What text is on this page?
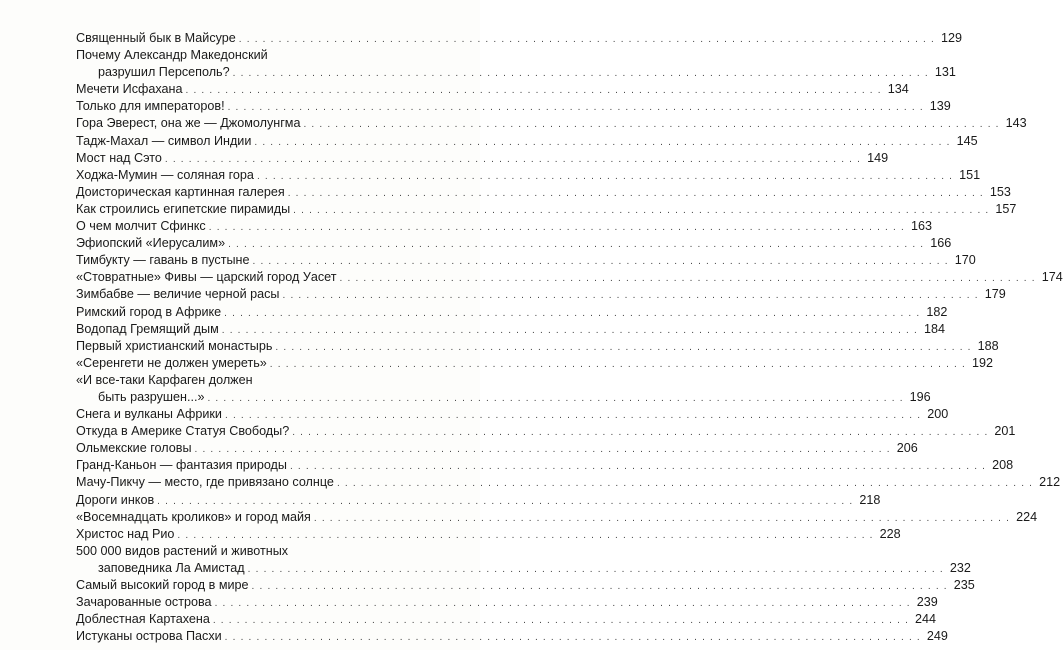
Священный бык в Майсуре . . . . . . . . . . . . . . . . . . . . . . . . . . . . . . . . . . . . . . . . . . . . . . . . . . . . . . . . . . . . . . . . . . . . . . . . . . . . . . . . . . . . . . . . 129
Почему Александр Македонский
разрушил Персеполь? . . . . . . . . . . . . . . . . . . . . . . . . . . . . . . . . . . . . . . . . . . . . . . . . . . . . . . . . . . . . . . . . . . . . . . . . . . . . . . . . . . . . . . . . 131
Мечети Исфахана . . . . . . . . . . . . . . . . . . . . . . . . . . . . . . . . . . . . . . . . . . . . . . . . . . . . . . . . . . . . . . . . . . . . . . . . . . . . . . . . . . . . . . . . 134
Только для императоров! . . . . . . . . . . . . . . . . . . . . . . . . . . . . . . . . . . . . . . . . . . . . . . . . . . . . . . . . . . . . . . . . . . . . . . . . . . . . . . . . . . . . . . . . 139
Гора Эверест, она же — Джомолунгма . . . . . . . . . . . . . . . . . . . . . . . . . . . . . . . . . . . . . . . . . . . . . . . . . . . . . . . . . . . . . . . . . . . . . . . . . . . . . . . . . . . . . . . . 143
Тадж-Махал — символ Индии . . . . . . . . . . . . . . . . . . . . . . . . . . . . . . . . . . . . . . . . . . . . . . . . . . . . . . . . . . . . . . . . . . . . . . . . . . . . . . . . . . . . . . . . 145
Мост над Сэто . . . . . . . . . . . . . . . . . . . . . . . . . . . . . . . . . . . . . . . . . . . . . . . . . . . . . . . . . . . . . . . . . . . . . . . . . . . . . . . . . . . . . . . . 149
Ходжа-Мумин — соляная гора . . . . . . . . . . . . . . . . . . . . . . . . . . . . . . . . . . . . . . . . . . . . . . . . . . . . . . . . . . . . . . . . . . . . . . . . . . . . . . . . . . . . . . . . 151
Доисторическая картинная галерея . . . . . . . . . . . . . . . . . . . . . . . . . . . . . . . . . . . . . . . . . . . . . . . . . . . . . . . . . . . . . . . . . . . . . . . . . . . . . . . . . . . . . . . . 153
Как строились египетские пирамиды . . . . . . . . . . . . . . . . . . . . . . . . . . . . . . . . . . . . . . . . . . . . . . . . . . . . . . . . . . . . . . . . . . . . . . . . . . . . . . . . . . . . . . . . 157
О чем молчит Сфинкс . . . . . . . . . . . . . . . . . . . . . . . . . . . . . . . . . . . . . . . . . . . . . . . . . . . . . . . . . . . . . . . . . . . . . . . . . . . . . . . . . . . . . . . . 163
Эфиопский «Иерусалим» . . . . . . . . . . . . . . . . . . . . . . . . . . . . . . . . . . . . . . . . . . . . . . . . . . . . . . . . . . . . . . . . . . . . . . . . . . . . . . . . . . . . . . . . 166
Тимбукту — гавань в пустыне . . . . . . . . . . . . . . . . . . . . . . . . . . . . . . . . . . . . . . . . . . . . . . . . . . . . . . . . . . . . . . . . . . . . . . . . . . . . . . . . . . . . . . . . 170
«Стовратные» Фивы — царский город Уасет . . . . . . . . . . . . . . . . . . . . . . . . . . . . . . . . . . . . . . . . . . . . . . . . . . . . . . . . . . . . . . . . . . . . . . . . . . . . . . . . . . . . . . . . 174
Зимбабве — величие черной расы . . . . . . . . . . . . . . . . . . . . . . . . . . . . . . . . . . . . . . . . . . . . . . . . . . . . . . . . . . . . . . . . . . . . . . . . . . . . . . . . . . . . . . . . 179
Римский город в Африке . . . . . . . . . . . . . . . . . . . . . . . . . . . . . . . . . . . . . . . . . . . . . . . . . . . . . . . . . . . . . . . . . . . . . . . . . . . . . . . . . . . . . . . . 182
Водопад Гремящий дым . . . . . . . . . . . . . . . . . . . . . . . . . . . . . . . . . . . . . . . . . . . . . . . . . . . . . . . . . . . . . . . . . . . . . . . . . . . . . . . . . . . . . . . . 184
Первый христианский монастырь . . . . . . . . . . . . . . . . . . . . . . . . . . . . . . . . . . . . . . . . . . . . . . . . . . . . . . . . . . . . . . . . . . . . . . . . . . . . . . . . . . . . . . . . 188
«Серенгети не должен умереть» . . . . . . . . . . . . . . . . . . . . . . . . . . . . . . . . . . . . . . . . . . . . . . . . . . . . . . . . . . . . . . . . . . . . . . . . . . . . . . . . . . . . . . . . 192
«И все-таки Карфаген должен
быть разрушен...» . . . . . . . . . . . . . . . . . . . . . . . . . . . . . . . . . . . . . . . . . . . . . . . . . . . . . . . . . . . . . . . . . . . . . . . . . . . . . . . . . . . . . . . . 196
Снега и вулканы Африки . . . . . . . . . . . . . . . . . . . . . . . . . . . . . . . . . . . . . . . . . . . . . . . . . . . . . . . . . . . . . . . . . . . . . . . . . . . . . . . . . . . . . . . . 200
Откуда в Америке Статуя Свободы? . . . . . . . . . . . . . . . . . . . . . . . . . . . . . . . . . . . . . . . . . . . . . . . . . . . . . . . . . . . . . . . . . . . . . . . . . . . . . . . . . . . . . . . . 201
Ольмекские головы . . . . . . . . . . . . . . . . . . . . . . . . . . . . . . . . . . . . . . . . . . . . . . . . . . . . . . . . . . . . . . . . . . . . . . . . . . . . . . . . . . . . . . . . 206
Гранд-Каньон — фантазия природы . . . . . . . . . . . . . . . . . . . . . . . . . . . . . . . . . . . . . . . . . . . . . . . . . . . . . . . . . . . . . . . . . . . . . . . . . . . . . . . . . . . . . . . . 208
Мачу-Пикчу — место, где привязано солнце . . . . . . . . . . . . . . . . . . . . . . . . . . . . . . . . . . . . . . . . . . . . . . . . . . . . . . . . . . . . . . . . . . . . . . . . . . . . . . . . . . . . . . . . 212
Дороги инков . . . . . . . . . . . . . . . . . . . . . . . . . . . . . . . . . . . . . . . . . . . . . . . . . . . . . . . . . . . . . . . . . . . . . . . . . . . . . . . . . . . . . . . . 218
«Восемнадцать кроликов» и город майя . . . . . . . . . . . . . . . . . . . . . . . . . . . . . . . . . . . . . . . . . . . . . . . . . . . . . . . . . . . . . . . . . . . . . . . . . . . . . . . . . . . . . . . . 224
Христос над Рио . . . . . . . . . . . . . . . . . . . . . . . . . . . . . . . . . . . . . . . . . . . . . . . . . . . . . . . . . . . . . . . . . . . . . . . . . . . . . . . . . . . . . . . . 228
500 000 видов растений и животных
заповедника Ла Амистад . . . . . . . . . . . . . . . . . . . . . . . . . . . . . . . . . . . . . . . . . . . . . . . . . . . . . . . . . . . . . . . . . . . . . . . . . . . . . . . . . . . . . . . . 232
Самый высокий город в мире . . . . . . . . . . . . . . . . . . . . . . . . . . . . . . . . . . . . . . . . . . . . . . . . . . . . . . . . . . . . . . . . . . . . . . . . . . . . . . . . . . . . . . . . 235
Зачарованные острова . . . . . . . . . . . . . . . . . . . . . . . . . . . . . . . . . . . . . . . . . . . . . . . . . . . . . . . . . . . . . . . . . . . . . . . . . . . . . . . . . . . . . . . . 239
Доблестная Картахена . . . . . . . . . . . . . . . . . . . . . . . . . . . . . . . . . . . . . . . . . . . . . . . . . . . . . . . . . . . . . . . . . . . . . . . . . . . . . . . . . . . . . . . . 244
Истуканы острова Пасхи . . . . . . . . . . . . . . . . . . . . . . . . . . . . . . . . . . . . . . . . . . . . . . . . . . . . . . . . . . . . . . . . . . . . . . . . . . . . . . . . . . . . . . . . 249
